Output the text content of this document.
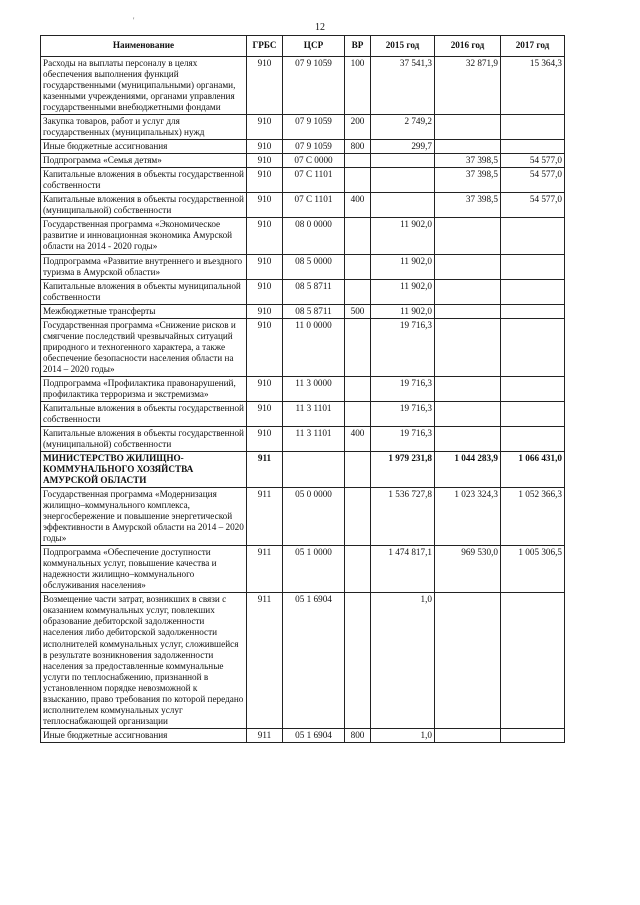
12
'
Наименование	ГРБС	ЦСР	ВР	2015 год	2016 год	2017 год
Расходы на выплаты персоналу в целях обеспечения выполнения функций государственными (муниципальными) органами, казенными учреждениями, органами управления государственными внебюджетными фондами	910	07 9 1059	100	37 541,3	32 871,9	15 364,3
Закупка товаров, работ и услуг для государственных (муниципальных) нужд	910	07 9 1059	200	2 749,2		
Иные бюджетные ассигнования	910	07 9 1059	800	299,7		
Подпрограмма «Семья детям»	910	07 С 0000			37 398,5	54 577,0
Капитальные вложения в объекты государственной собственности	910	07 С 1101			37 398,5	54 577,0
Капитальные вложения в объекты государственной (муниципальной) собственности	910	07 С 1101	400		37 398,5	54 577,0
Государственная программа «Экономическое развитие и инновационная экономика Амурской области на 2014 - 2020 годы»	910	08 0 0000		11 902,0		
Подпрограмма «Развитие внутреннего и въездного туризма в Амурской области»	910	08 5 0000		11 902,0		
Капитальные вложения в объекты муниципальной собственности	910	08 5 8711		11 902,0		
Межбюджетные трансферты	910	08 5 8711	500	11 902,0		
Государственная программа «Снижение рисков и смягчение последствий чрезвычайных ситуаций природного и техногенного характера, а также обеспечение безопасности населения области на 2014 – 2020 годы»	910	11 0 0000		19 716,3		
Подпрограмма «Профилактика правонарушений, профилактика терроризма и экстремизма»	910	11 3 0000		19 716,3		
Капитальные вложения в объекты государственной собственности	910	11 3 1101		19 716,3		
Капитальные вложения в объекты государственной (муниципальной) собственности	910	11 3 1101	400	19 716,3		
МИНИСТЕРСТВО ЖИЛИЩНО-КОММУНАЛЬНОГО ХОЗЯЙСТВА АМУРСКОЙ ОБЛАСТИ	911			1 979 231,8	1 044 283,9	1 066 431,0
Государственная программа «Модернизация жилищно–коммунального комплекса, энергосбережение и повышение энергетической эффективности в Амурской области на 2014 – 2020 годы»	911	05 0 0000		1 536 727,8	1 023 324,3	1 052 366,3
Подпрограмма «Обеспечение доступности коммунальных услуг, повышение качества и надежности жилищно–коммунального обслуживания населения»	911	05 1 0000		1 474 817,1	969 530,0	1 005 306,5
Возмещение части затрат, возникших в связи с оказанием коммунальных услуг, повлекших образование дебиторской задолженности населения либо дебиторской задолженности исполнителей коммунальных услуг, сложившейся в результате возникновения задолженности населения за предоставленные коммунальные услуги по теплоснабжению, признанной в установленном порядке невозможной к взысканию, право требования по которой передано исполнителем коммунальных услуг теплоснабжающей организации	911	05 1 6904		1,0		
Иные бюджетные ассигнования	911	05 1 6904	800	1,0		
